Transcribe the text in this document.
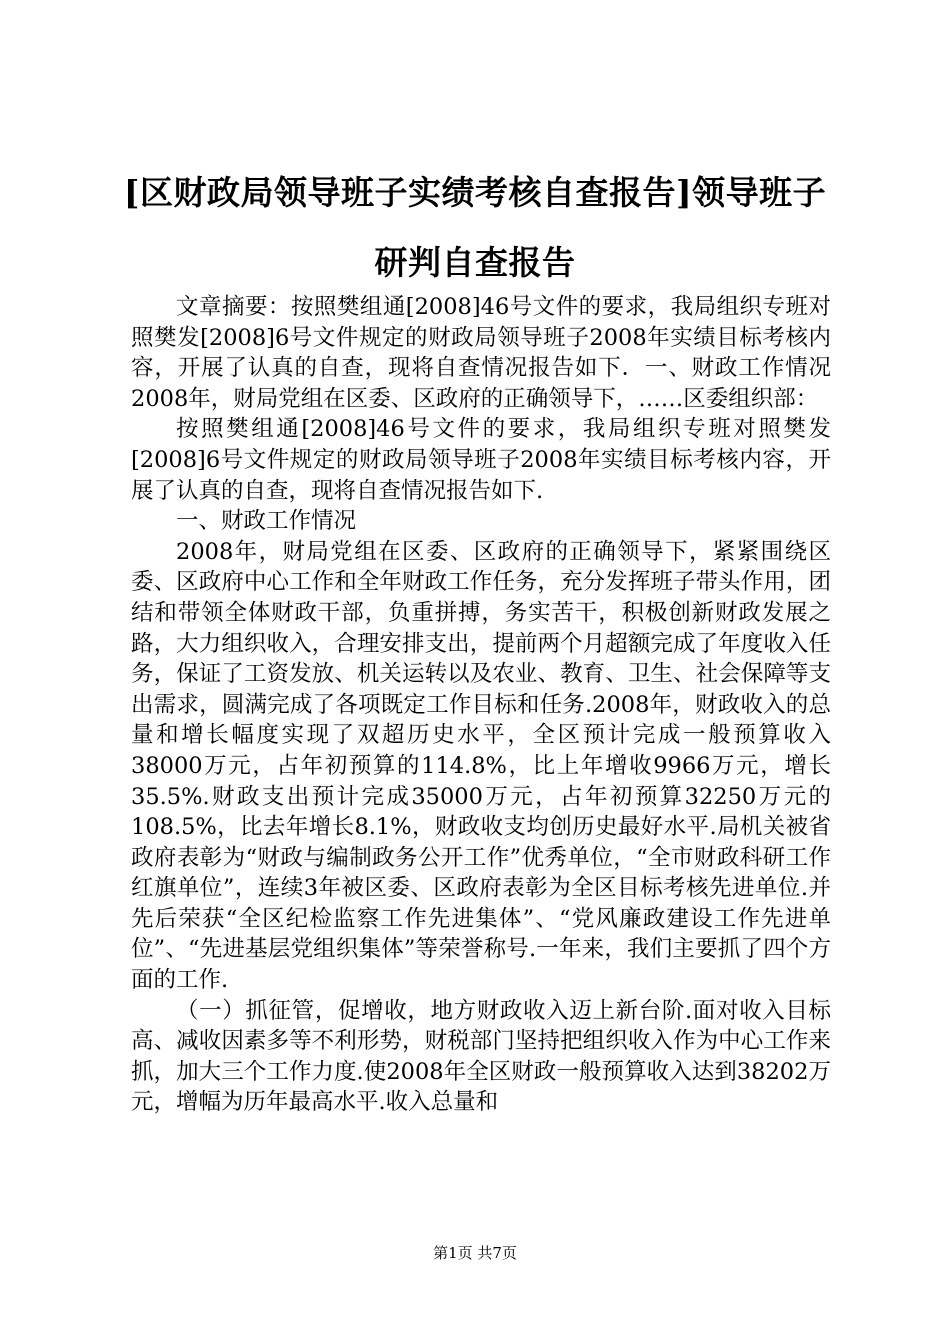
[区财政局领导班子实绩考核自查报告]领导班子研判自查报告

文章摘要：按照樊组通[2008]46号文件的要求，我局组织专班对照樊发[2008]6号文件规定的财政局领导班子2008年实绩目标考核内容，开展了认真的自查，现将自查情况报告如下．一、财政工作情况2008年，财局党组在区委、区政府的正确领导下，……区委组织部：

按照樊组通[2008]46号文件的要求，我局组织专班对照樊发[2008]6号文件规定的财政局领导班子2008年实绩目标考核内容，开展了认真的自查，现将自查情况报告如下.

一、财政工作情况

2008年，财局党组在区委、区政府的正确领导下，紧紧围绕区委、区政府中心工作和全年财政工作任务，充分发挥班子带头作用，团结和带领全体财政干部，负重拼搏，务实苦干，积极创新财政发展之路，大力组织收入，合理安排支出，提前两个月超额完成了年度收入任务，保证了工资发放、机关运转以及农业、教育、卫生、社会保障等支出需求，圆满完成了各项既定工作目标和任务.2008年，财政收入的总量和增长幅度实现了双超历史水平，全区预计完成一般预算收入38000万元，占年初预算的114.8%，比上年增收9966万元，增长35.5%.财政支出预计完成35000万元，占年初预算32250万元的108.5%，比去年增长8.1%，财政收支均创历史最好水平.局机关被省政府表彰为“财政与编制政务公开工作”优秀单位，“全市财政科研工作红旗单位”，连续3年被区委、区政府表彰为全区目标考核先进单位.并先后荣获“全区纪检监察工作先进集体”、“党风廉政建设工作先进单位”、“先进基层党组织集体”等荣誉称号.一年来，我们主要抓了四个方面的工作.

（一）抓征管，促增收，地方财政收入迈上新台阶.面对收入目标高、减收因素多等不利形势，财税部门坚持把组织收入作为中心工作来抓，加大三个工作力度.使2008年全区财政一般预算收入达到38202万元，增幅为历年最高水平.收入总量和

第1页 共7页
